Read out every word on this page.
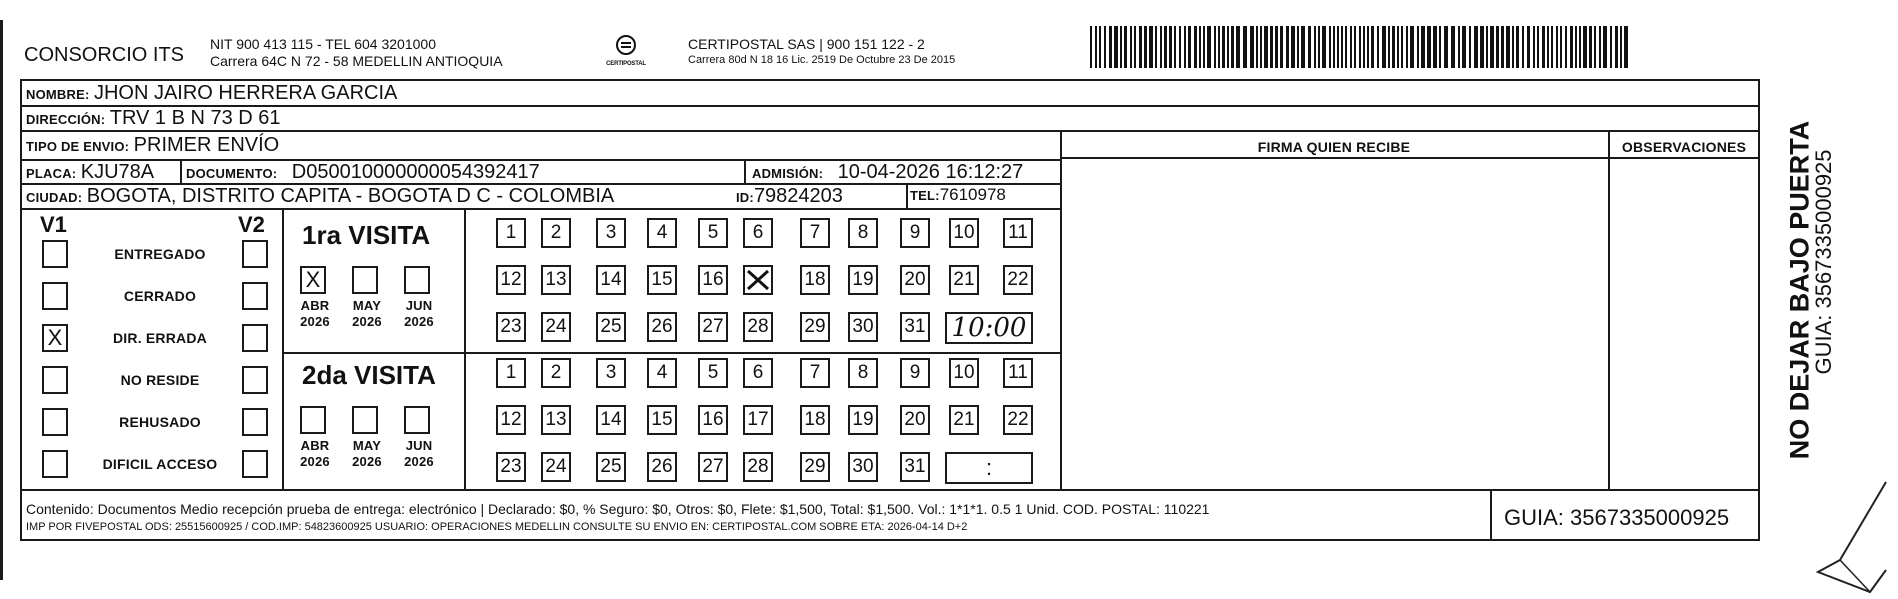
CONSORCIO ITS NIT 900 413 115 - TEL 604 3201000
Carrera 64C N 72 - 58 MEDELLIN ANTIOQUIA	CERTIPOSTAL
CERTIPOSTAL SAS | 900 151 122 - 2
Carrera 80d N 18 16 Lic. 2519 De Octubre 23 De 2015
NOMBRE: JHON JAIRO HERRERA GARCIA
DIRECCIÓN: TRV 1 B N 73 D 61
TIPO DE ENVIO: PRIMER ENVÍO
PLACA: KJU78A DOCUMENTO: D050010000000054392417	ADMISIÓN: 10-04-2026 16:12:27
CIUDAD: BOGOTA, DISTRITO CAPITA - BOGOTA D C - COLOMBIA	ID:79824203	TEL:7610978
FIRMA QUIEN RECIBE	OBSERVACIONES
V1	V2
ENTREGADO
CERRADO
X	DIR. ERRADA
NO RESIDE
REHUSADO
DIFICIL ACCESO
1ra VISITA
X
ABR
2026
MAY
2026
JUN
2026
1	2	3	4	5	6	7	8	9	10 11
12 13 14 15 16	18 19 20 21 22
23 24 25 26 27 28 29 30 31 10:00
2da VISITA
ABR
2026
MAY
2026
JUN
2026
1	2	3	4	5	6	7	8	9	10 11
12 13 14 15 16 17 18 19 20 21 22
23 24 25 26 27 28 29 30 31	:
Contenido: Documentos Medio recepción prueba de entrega: electrónico | Declarado: $0, % Seguro: $0, Otros: $0, Flete: $1,500, Total: $1,500. Vol.: 1*1*1. 0.5 1 Unid. COD. POSTAL: 110221
IMP POR FIVEPOSTAL ODS: 25515600925 / COD.IMP: 54823600925 USUARIO: OPERACIONES MEDELLIN CONSULTE SU ENVIO EN: CERTIPOSTAL.COM SOBRE ETA: 2026-04-14 D+2	GUIA: 3567335000925
NO DEJAR BAJO PUERTA
GUIA: 3567335000925
